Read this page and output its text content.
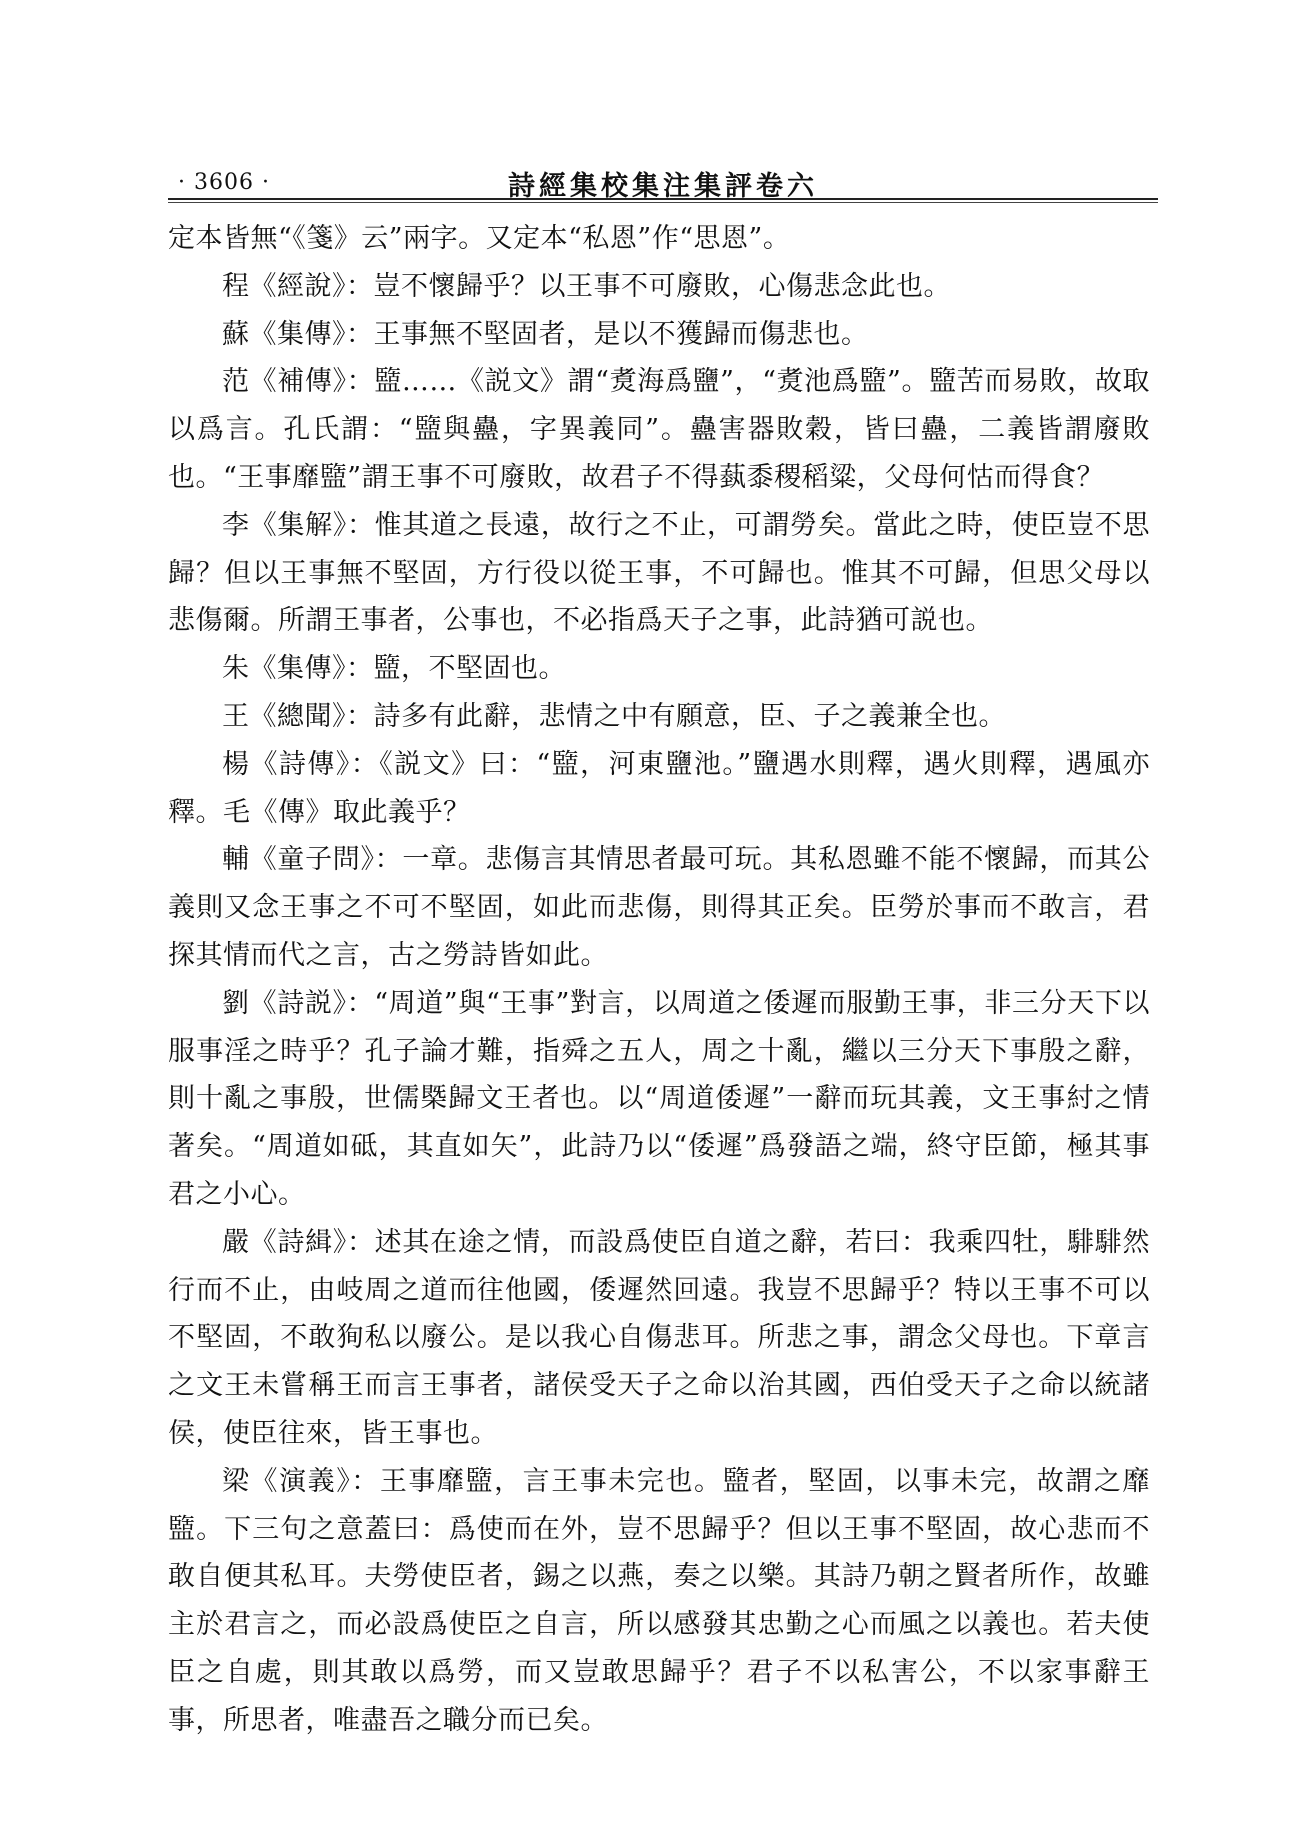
· 3606 ·	詩經集校集注集評卷六

定本皆無“《箋》云”兩字。又定本“私恩”作“思恩”。

程《經說》：豈不懷歸乎？以王事不可廢敗，心傷悲念此也。

蘇《集傳》：王事無不堅固者，是以不獲歸而傷悲也。

范《補傳》：盬……《説文》謂“煑海爲鹽”，“煑池爲盬”。盬苦而易敗，故取以爲言。孔氏謂：“盬與蠱，字異義同”。蠱害器敗穀，皆曰蠱，二義皆謂廢敗也。“王事靡盬”謂王事不可廢敗，故君子不得蓺黍稷稻粱，父母何怙而得食？

李《集解》：惟其道之長遠，故行之不止，可謂勞矣。當此之時，使臣豈不思歸？但以王事無不堅固，方行役以從王事，不可歸也。惟其不可歸，但思父母以悲傷爾。所謂王事者，公事也，不必指爲天子之事，此詩猶可説也。

朱《集傳》：盬，不堅固也。

王《總聞》：詩多有此辭，悲情之中有願意，臣、子之義兼全也。

楊《詩傳》：《説文》曰：“盬，河東鹽池。”鹽遇水則釋，遇火則釋，遇風亦釋。毛《傳》取此義乎？

輔《童子問》：一章。悲傷言其情思者最可玩。其私恩雖不能不懷歸，而其公義則又念王事之不可不堅固，如此而悲傷，則得其正矣。臣勞於事而不敢言，君探其情而代之言，古之勞詩皆如此。

劉《詩説》：“周道”與“王事”對言，以周道之倭遲而服勤王事，非三分天下以服事淫之時乎？孔子論才難，指舜之五人，周之十亂，繼以三分天下事殷之辭，則十亂之事殷，世儒槩歸文王者也。以“周道倭遲”一辭而玩其義，文王事紂之情著矣。“周道如砥，其直如矢”，此詩乃以“倭遲”爲發語之端，終守臣節，極其事君之小心。

嚴《詩緝》：述其在途之情，而設爲使臣自道之辭，若曰：我乘四牡，騑騑然行而不止，由岐周之道而往他國，倭遲然回遠。我豈不思歸乎？特以王事不可以不堅固，不敢狥私以廢公。是以我心自傷悲耳。所悲之事，謂念父母也。下章言之文王未嘗稱王而言王事者，諸侯受天子之命以治其國，西伯受天子之命以統諸侯，使臣往來，皆王事也。

梁《演義》：王事靡盬，言王事未完也。盬者，堅固，以事未完，故謂之靡盬。下三句之意蓋曰：爲使而在外，豈不思歸乎？但以王事不堅固，故心悲而不敢自便其私耳。夫勞使臣者，錫之以燕，奏之以樂。其詩乃朝之賢者所作，故雖主於君言之，而必設爲使臣之自言，所以感發其忠勤之心而風之以義也。若夫使臣之自處，則其敢以爲勞，而又豈敢思歸乎？君子不以私害公，不以家事辭王事，所思者，唯盡吾之職分而已矣。
